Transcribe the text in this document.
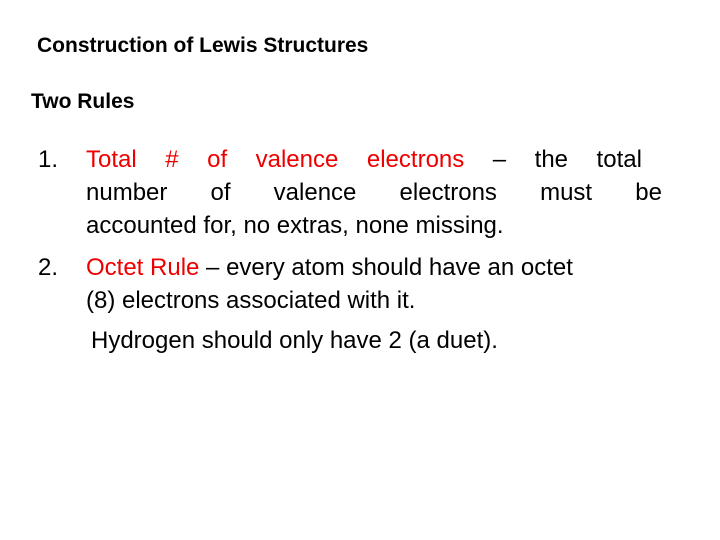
Construction of Lewis Structures
Two Rules
1. Total # of valence electrons – the total
number of valence electrons must be
accounted for, no extras, none missing.
2. Octet Rule – every atom should have an octet
(8) electrons associated with it.
Hydrogen should only have 2 (a duet).
